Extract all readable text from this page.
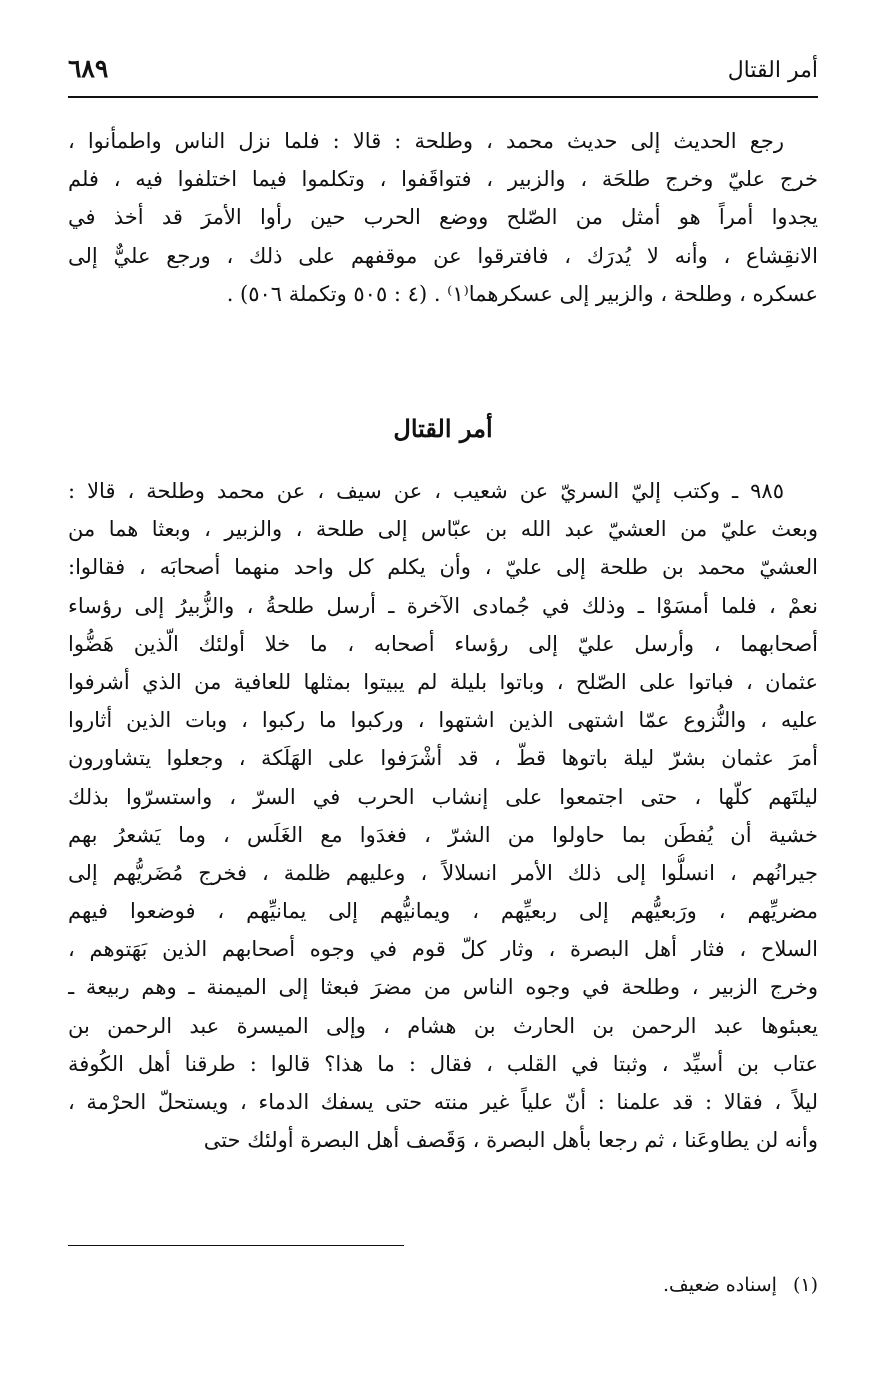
أمر القتال
٦٨٩
رجع الحديث إلى حديث محمد ، وطلحة : قالا : فلما نزل الناس واطمأنوا ،
خرج عليّ وخرج طلحَة ، والزبير ، فتواقَفوا ، وتكلموا فيما اختلفوا فيه ، فلم
يجدوا أمراً هو أمثل من الصّلح ووضع الحرب حين رأوا الأمرَ قد أخذ في
الانقِشاع ، وأنه لا يُدرَك ، فافترقوا عن موقفهم على ذلك ، ورجع عليٌّ إلى
عسكره ، وطلحة ، والزبير إلى عسكرهما⁽١⁾ . (٤ : ٥٠٥ وتكملة ٥٠٦) .
أمر القتال
٩٨٥ ـ وكتب إليّ السريّ عن شعيب ، عن سيف ، عن محمد وطلحة ، قالا :
وبعث عليّ من العشيّ عبد الله بن عبّاس إلى طلحة ، والزبير ، وبعثا هما من
العشيّ محمد بن طلحة إلى عليّ ، وأن يكلم كل واحد منهما أصحابَه ، فقالوا:
نعمْ ، فلما أمسَوْا ـ وذلك في جُمادى الآخرة ـ أرسل طلحةُ ، والزُّبيرُ إلى رؤساء
أصحابهما ، وأرسل عليّ إلى رؤساء أصحابه ، ما خلا أولئك الّذين هَضُّوا
عثمان ، فباتوا على الصّلح ، وباتوا بليلة لم يبيتوا بمثلها للعافية من الذي أشرفوا
عليه ، والنُّزوع عمّا اشتهى الذين اشتهوا ، وركبوا ما ركبوا ، وبات الذين أثاروا
أمرَ عثمان بشرّ ليلة باتوها قطّ ، قد أشْرَفوا على الهَلَكة ، وجعلوا يتشاورون
ليلتَهم كلّها ، حتى اجتمعوا على إنشاب الحرب في السرّ ، واستسرّوا بذلك
خشية أن يُفطَن بما حاولوا من الشرّ ، فغدَوا مع الغَلَس ، وما يَشعرُ بهم
جيرانُهم ، انسلُّوا إلى ذلك الأمر انسلالاً ، وعليهم ظلمة ، فخرج مُضَريُّهم إلى
مضريِّهم ، ورَبعيُّهم إلى ربعيِّهم ، ويمانيُّهم إلى يمانيِّهم ، فوضعوا فيهم
السلاح ، فثار أهل البصرة ، وثار كلّ قوم في وجوه أصحابهم الذين بَهَتوهم ،
وخرج الزبير ، وطلحة في وجوه الناس من مضرَ فبعثا إلى الميمنة ـ وهم ربيعة ـ
يعبئوها عبد الرحمن بن الحارث بن هشام ، وإلى الميسرة عبد الرحمن بن
عتاب بن أسيِّد ، وثبتا في القلب ، فقال : ما هذا؟ قالوا : طرقنا أهل الكُوفة
ليلاً ، فقالا : قد علمنا : أنّ علياً غير منته حتى يسفك الدماء ، ويستحلّ الحرْمة ،
وأنه لن يطاوعَنا ، ثم رجعا بأهل البصرة ، وَقَصف أهل البصرة أولئك حتى
(١)إسناده ضعيف.
